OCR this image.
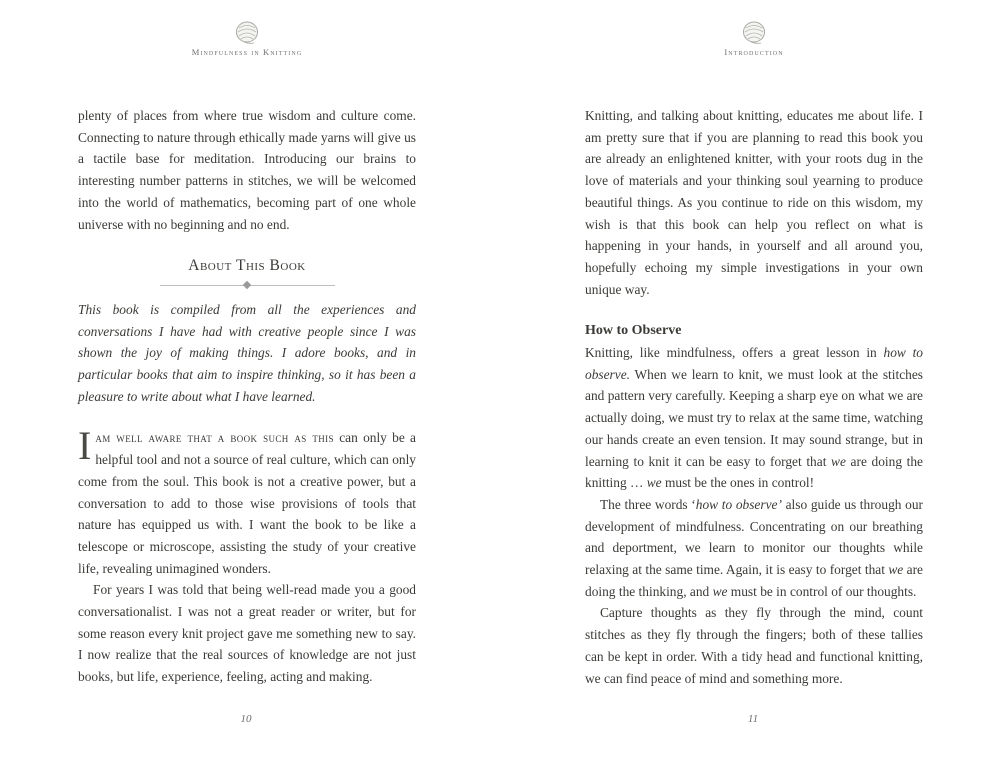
Mindfulness in Knitting

plenty of places from where true wisdom and culture come. Connecting to nature through ethically made yarns will give us a tactile base for meditation. Introducing our brains to interesting number patterns in stitches, we will be welcomed into the world of mathematics, becoming part of one whole universe with no beginning and no end.

About This Book

This book is compiled from all the experiences and conversations I have had with creative people since I was shown the joy of making things. I adore books, and in particular books that aim to inspire thinking, so it has been a pleasure to write about what I have learned.

Iam well aware that a book such as this can only be a helpful tool and not a source of real culture, which can only come from the soul. This book is not a creative power, but a conversation to add to those wise provisions of tools that nature has equipped us with. I want the book to be like a telescope or microscope, assisting the study of your creative life, revealing unimagined wonders.

For years I was told that being well-read made you a good conversationalist. I was not a great reader or writer, but for some reason every knit project gave me something new to say. I now realize that the real sources of knowledge are not just books, but life, experience, feeling, acting and making.

10
Introduction

Knitting, and talking about knitting, educates me about life. I am pretty sure that if you are planning to read this book you are already an enlightened knitter, with your roots dug in the love of materials and your thinking soul yearning to produce beautiful things. As you continue to ride on this wisdom, my wish is that this book can help you reflect on what is happening in your hands, in yourself and all around you, hopefully echoing my simple investigations in your own unique way.

How to Observe

Knitting, like mindfulness, offers a great lesson in how to observe. When we learn to knit, we must look at the stitches and pattern very carefully. Keeping a sharp eye on what we are actually doing, we must try to relax at the same time, watching our hands create an even tension. It may sound strange, but in learning to knit it can be easy to forget that we are doing the knitting … we must be the ones in control!

The three words ‘how to observe’ also guide us through our development of mindfulness. Concentrating on our breathing and deportment, we learn to monitor our thoughts while relaxing at the same time. Again, it is easy to forget that we are doing the thinking, and we must be in control of our thoughts.

Capture thoughts as they fly through the mind, count stitches as they fly through the fingers; both of these tallies can be kept in order. With a tidy head and functional knitting, we can find peace of mind and something more.

11
